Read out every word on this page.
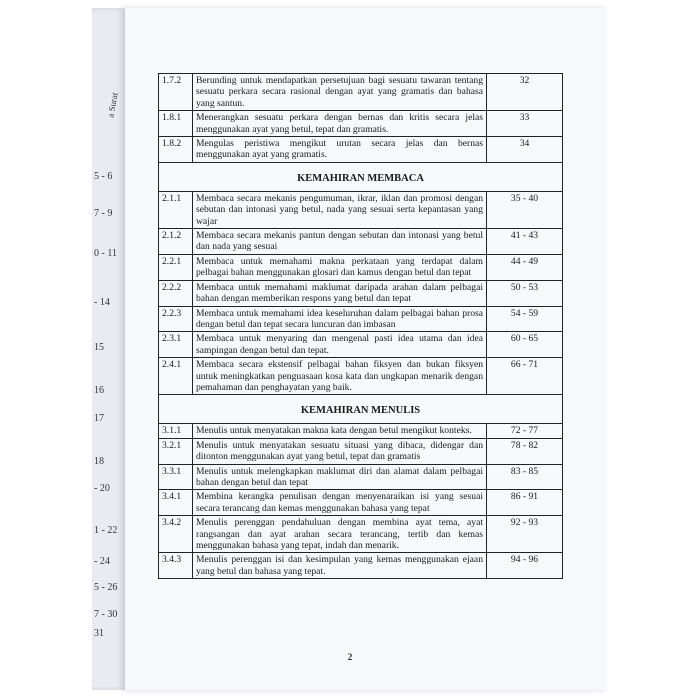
a Surat
5 - 6
7 - 9
0 - 11
- 14
15
16
17
18
- 20
1 - 22
- 24
5 - 26
7 - 30
31
1.7.2	Berunding untuk mendapatkan persetujuan bagi sesuatu tawaran tentang sesuatu perkara secara rasional dengan ayat yang gramatis dan bahasa yang santun.	32
1.8.1	Menerangkan sesuatu perkara dengan bernas dan kritis secara jelas menggunakan ayat yang betul, tepat dan gramatis.	33
1.8.2	Mengulas peristiwa mengikut urutan secara jelas dan bernas menggunakan ayat yang gramatis.	34

KEMAHIRAN MEMBACA		

2.1.1	Membaca secara mekanis pengumuman, ikrar, iklan dan promosi dengan sebutan dan intonasi yang betul, nada yang sesuai serta kepantasan yang wajar	35 - 40
2.1.2	Membaca secara mekanis pantun dengan sebutan dan intonasi yang betul dan nada yang sesuai	41 - 43
2.2.1	Membaca untuk memahami makna perkataan yang terdapat dalam pelbagai bahan menggunakan glosari dan kamus dengan betul dan tepat	44 - 49
2.2.2	Membaca untuk memahami maklumat daripada arahan dalam pelbagai bahan dengan memberikan respons yang betul dan tepat	50 - 53
2.2.3	Membaca untuk memahami idea keseluruhan dalam pelbagai bahan prosa dengan betul dan tepat secara luncuran dan imbasan	54 - 59
2.3.1	Membaca untuk menyaring dan mengenal pasti idea utama dan idea sampingan dengan betul dan tepat.	60 - 65
2.4.1	Membaca secara ekstensif pelbagai bahan fiksyen dan bukan fiksyen untuk meningkatkan penguasaan kosa kata dan ungkapan menarik dengan pemahaman dan penghayatan yang baik.	66 - 71

KEMAHIRAN MENULIS		

3.1.1	Menulis untuk menyatakan makna kata dengan betul mengikut konteks.	72 - 77
3.2.1	Menulis untuk menyatakan sesuatu situasi yang dibaca, didengar dan ditonton menggunakan ayat yang betul, tepat dan gramatis	78 - 82
3.3.1	Menulis untuk melengkapkan maklumat diri dan alamat dalam pelbagai bahan dengan betul dan tepat	83 - 85
3.4.1	Membina kerangka penulisan dengan menyenaraikan isi yang sesuai secara terancang dan kemas menggunakan bahasa yang tepat	86 - 91
3.4.2	Menulis perenggan pendahuluan dengan membina ayat tema, ayat rangsangan dan ayat arahan secara terancang, tertib dan kemas menggunakan bahasa yang tepat, indah dan menarik.	92 - 93
3.4.3	Menulis perenggan isi dan kesimpulan yang kemas menggunakan ejaan yang betul dan bahasa yang tepat.	94 - 96
2
